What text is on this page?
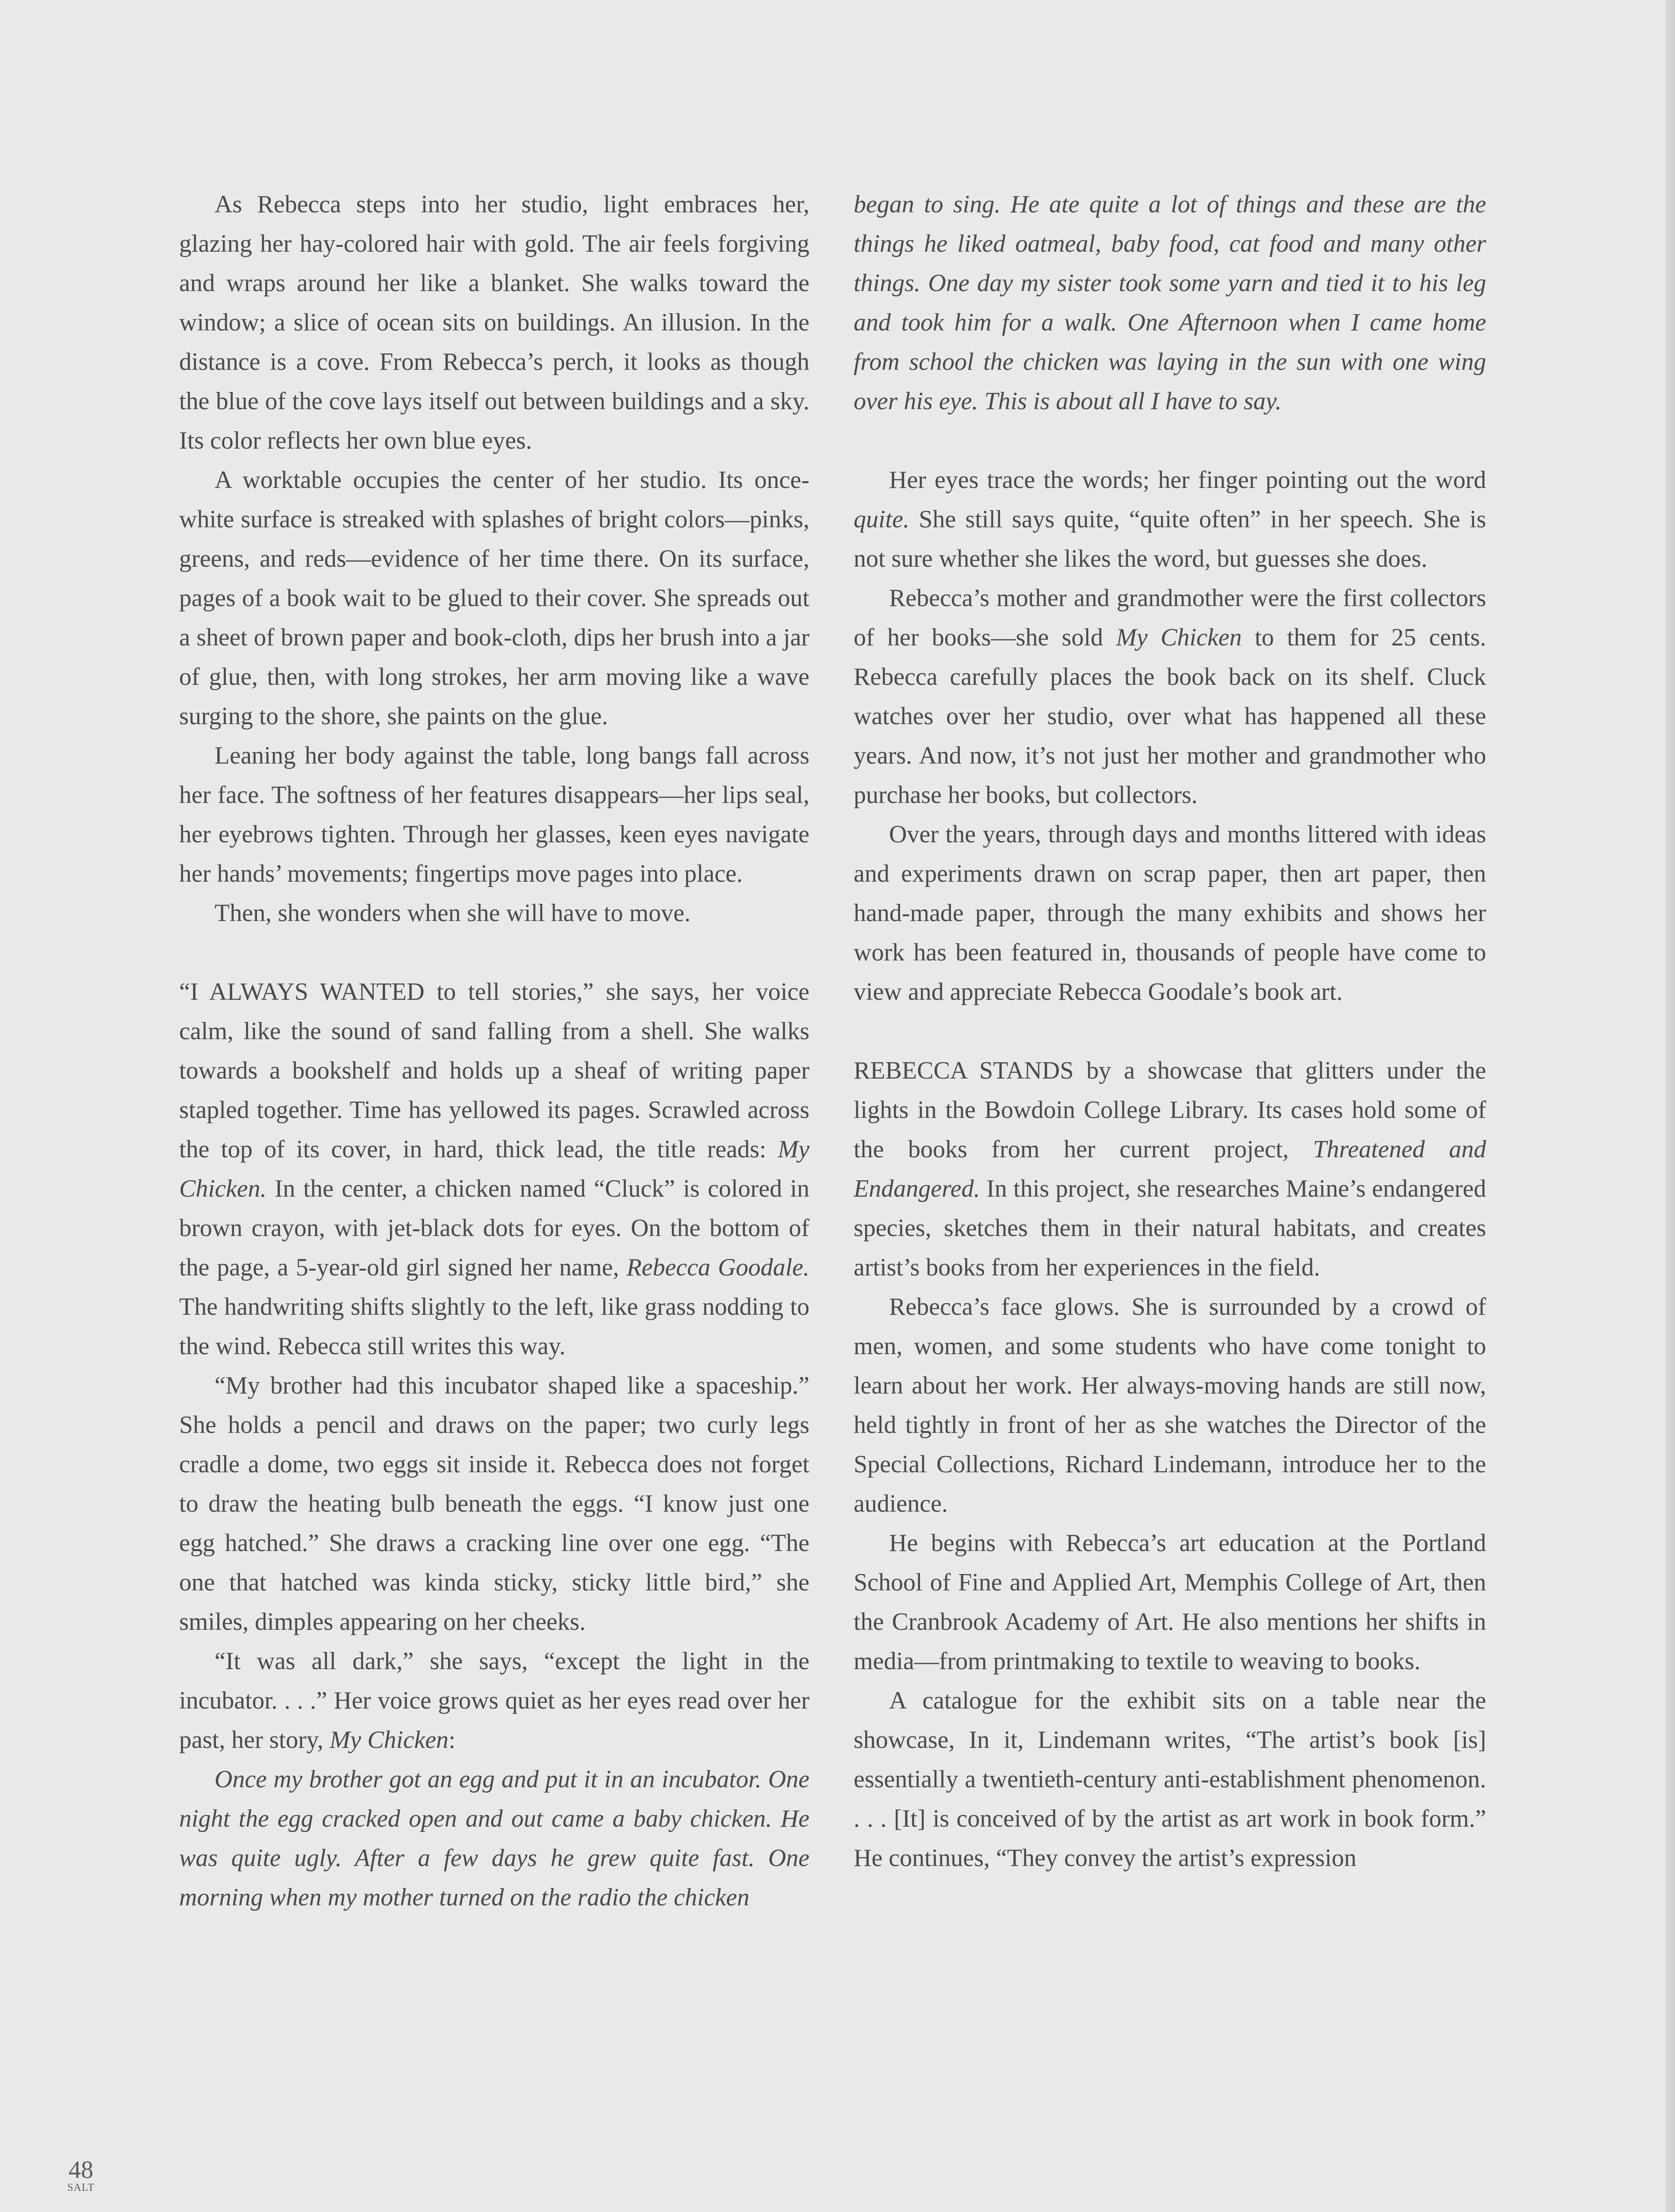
As Rebecca steps into her studio, light embraces her, glazing her hay-colored hair with gold. The air feels forgiving and wraps around her like a blanket. She walks toward the window; a slice of ocean sits on buildings. An illusion. In the distance is a cove. From Rebecca’s perch, it looks as though the blue of the cove lays itself out between buildings and a sky. Its color reflects her own blue eyes.

A worktable occupies the center of her studio. Its once-white surface is streaked with splashes of bright colors—pinks, greens, and reds—evidence of her time there. On its surface, pages of a book wait to be glued to their cover. She spreads out a sheet of brown paper and book-cloth, dips her brush into a jar of glue, then, with long strokes, her arm moving like a wave surging to the shore, she paints on the glue.

Leaning her body against the table, long bangs fall across her face. The softness of her features disappears—her lips seal, her eyebrows tighten. Through her glasses, keen eyes navigate her hands’ movements; fingertips move pages into place.

Then, she wonders when she will have to move.

“I ALWAYS WANTED to tell stories,” she says, her voice calm, like the sound of sand falling from a shell. She walks towards a bookshelf and holds up a sheaf of writing paper stapled together. Time has yellowed its pages. Scrawled across the top of its cover, in hard, thick lead, the title reads: My Chicken. In the center, a chicken named “Cluck” is colored in brown crayon, with jet-black dots for eyes. On the bottom of the page, a 5-year-old girl signed her name, Rebecca Goodale. The handwriting shifts slightly to the left, like grass nodding to the wind. Rebecca still writes this way.

“My brother had this incubator shaped like a spaceship.” She holds a pencil and draws on the paper; two curly legs cradle a dome, two eggs sit inside it. Rebecca does not forget to draw the heating bulb beneath the eggs. “I know just one egg hatched.” She draws a cracking line over one egg. “The one that hatched was kinda sticky, sticky little bird,” she smiles, dimples appearing on her cheeks.

“It was all dark,” she says, “except the light in the incubator. . . .” Her voice grows quiet as her eyes read over her past, her story, My Chicken:

Once my brother got an egg and put it in an incubator. One night the egg cracked open and out came a baby chicken. He was quite ugly. After a few days he grew quite fast. One morning when my mother turned on the radio the chicken

began to sing. He ate quite a lot of things and these are the things he liked oatmeal, baby food, cat food and many other things. One day my sister took some yarn and tied it to his leg and took him for a walk. One Afternoon when I came home from school the chicken was laying in the sun with one wing over his eye. This is about all I have to say.

Her eyes trace the words; her finger pointing out the word quite. She still says quite, “quite often” in her speech. She is not sure whether she likes the word, but guesses she does.

Rebecca’s mother and grandmother were the first collectors of her books—she sold My Chicken to them for 25 cents. Rebecca carefully places the book back on its shelf. Cluck watches over her studio, over what has happened all these years. And now, it’s not just her mother and grandmother who purchase her books, but collectors.

Over the years, through days and months littered with ideas and experiments drawn on scrap paper, then art paper, then hand-made paper, through the many exhibits and shows her work has been featured in, thousands of people have come to view and appreciate Rebecca Goodale’s book art.

REBECCA STANDS by a showcase that glitters under the lights in the Bowdoin College Library. Its cases hold some of the books from her current project, Threatened and Endangered. In this project, she researches Maine’s endangered species, sketches them in their natural habitats, and creates artist’s books from her experiences in the field.

Rebecca’s face glows. She is surrounded by a crowd of men, women, and some students who have come tonight to learn about her work. Her always-moving hands are still now, held tightly in front of her as she watches the Director of the Special Collections, Richard Lindemann, introduce her to the audience.

He begins with Rebecca’s art education at the Portland School of Fine and Applied Art, Memphis College of Art, then the Cranbrook Academy of Art. He also mentions her shifts in media—from printmaking to textile to weaving to books.

A catalogue for the exhibit sits on a table near the showcase, In it, Lindemann writes, “The artist’s book [is] essentially a twentieth-century anti-establishment phenomenon. . . . [It] is conceived of by the artist as art work in book form.” He continues, “They convey the artist’s expression

48
SALT
